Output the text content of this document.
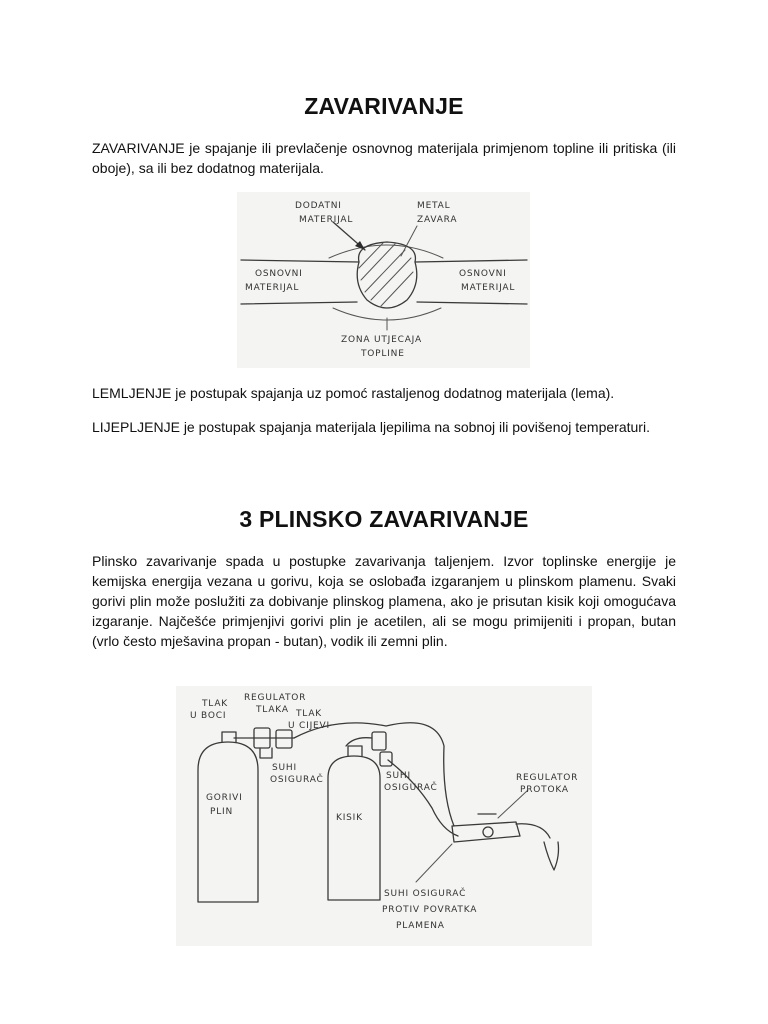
ZAVARIVANJE

ZAVARIVANJE je spajanje ili prevlačenje osnovnog materijala primjenom topline ili pritiska (ili oboje), sa ili bez dodatnog materijala.

DODATNI
MATERIJAL
METAL
ZAVARA
OSNOVNI
MATERIJAL
OSNOVNI
MATERIJAL
ZONA UTJECAJA
TOPLINE

LEMLJENJE je postupak spajanja uz pomoć rastaljenog dodatnog materijala (lema).

LIJEPLJENJE je postupak spajanja materijala ljepilima na sobnoj ili povišenoj temperaturi.

3 PLINSKO ZAVARIVANJE

Plinsko zavarivanje spada u postupke zavarivanja taljenjem. Izvor toplinske energije je kemijska energija vezana u gorivu, koja se oslobađa izgaranjem u plinskom plamenu. Svaki gorivi plin može poslužiti za dobivanje plinskog plamena, ako je prisutan kisik koji omogućava izgaranje. Najčešće primjenjivi gorivi plin je acetilen, ali se mogu primijeniti i propan, butan (vrlo često mješavina propan - butan), vodik ili zemni plin.

TLAK
U BOCI
REGULATOR
TLAKA TLAK
U CIJEVI
SUHI
OSIGURAČ	SUHI
OSIGURAČ
GORIVI
PLIN
KISIK
REGULATOR
PROTOKA
SUHI OSIGURAČ
PROTIV POVRATKA
PLAMENA
